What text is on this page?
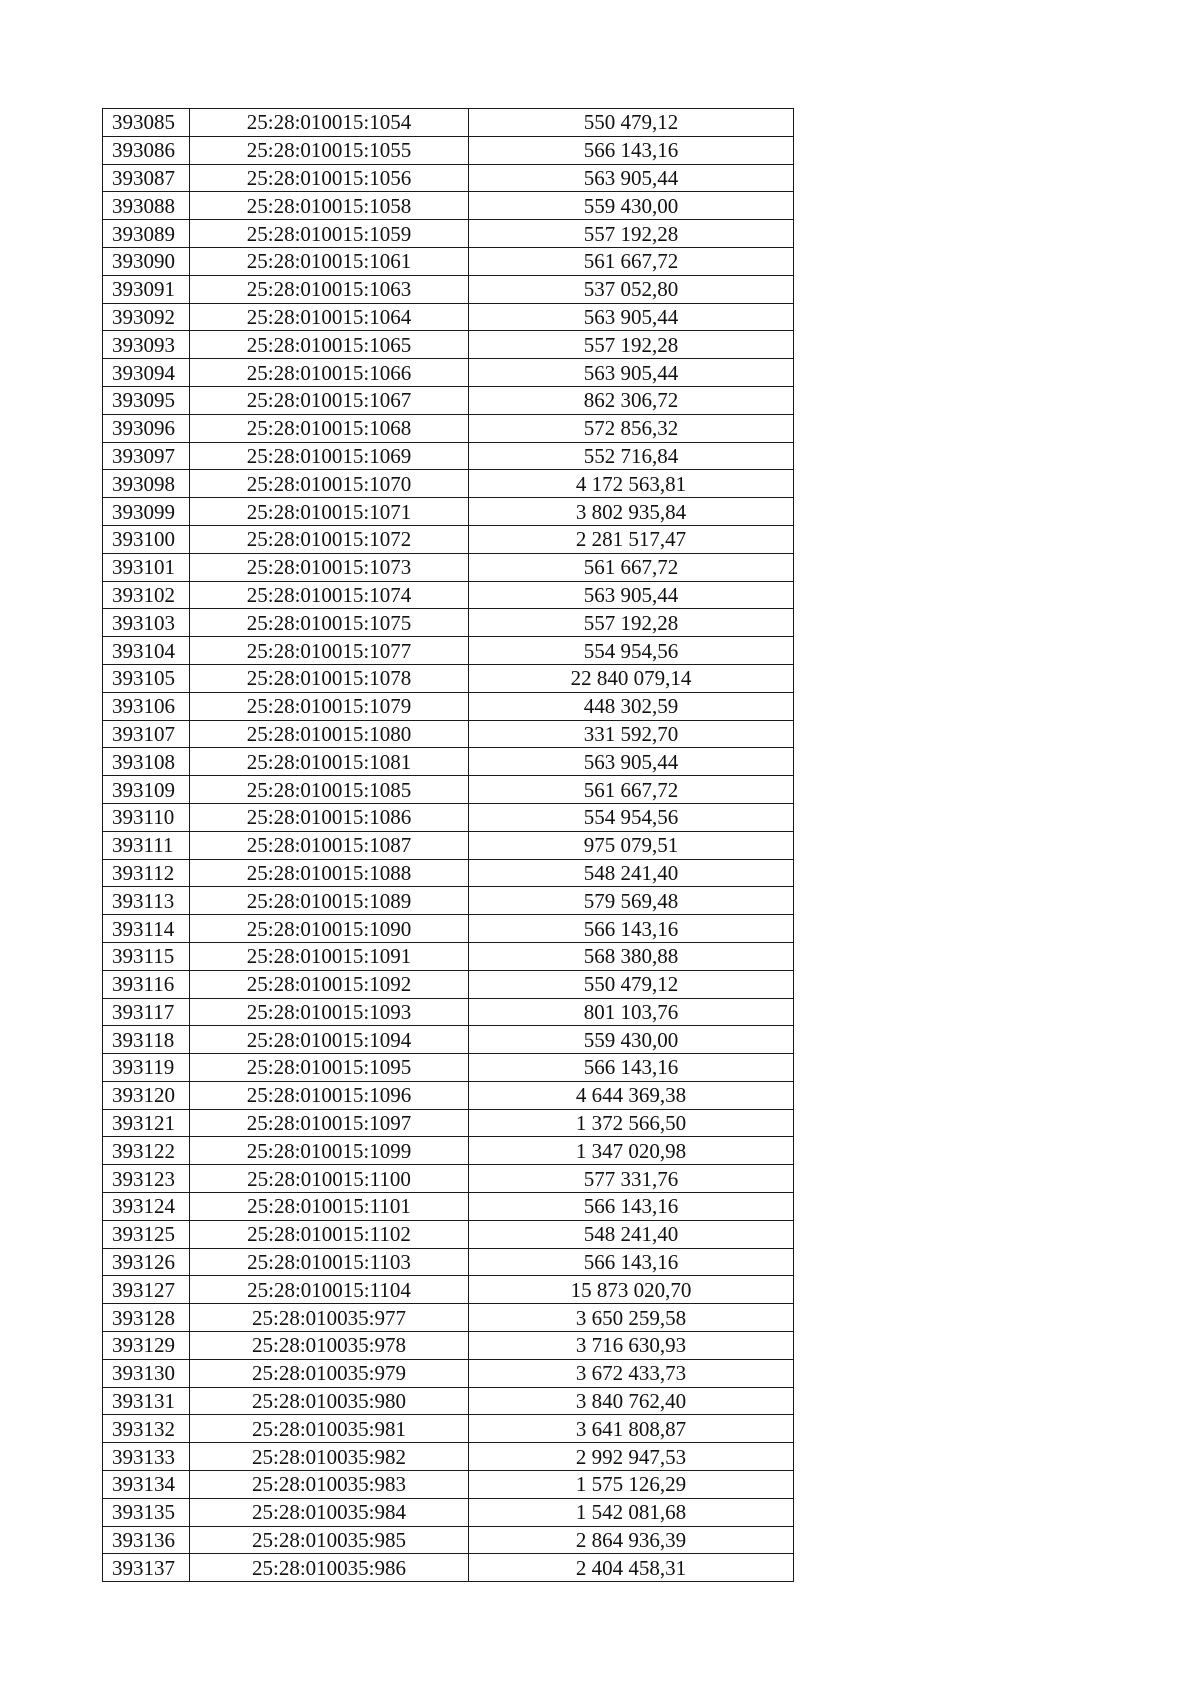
393085	25:28:010015:1054	550 479,12
393086	25:28:010015:1055	566 143,16
393087	25:28:010015:1056	563 905,44
393088	25:28:010015:1058	559 430,00
393089	25:28:010015:1059	557 192,28
393090	25:28:010015:1061	561 667,72
393091	25:28:010015:1063	537 052,80
393092	25:28:010015:1064	563 905,44
393093	25:28:010015:1065	557 192,28
393094	25:28:010015:1066	563 905,44
393095	25:28:010015:1067	862 306,72
393096	25:28:010015:1068	572 856,32
393097	25:28:010015:1069	552 716,84
393098	25:28:010015:1070	4 172 563,81
393099	25:28:010015:1071	3 802 935,84
393100	25:28:010015:1072	2 281 517,47
393101	25:28:010015:1073	561 667,72
393102	25:28:010015:1074	563 905,44
393103	25:28:010015:1075	557 192,28
393104	25:28:010015:1077	554 954,56
393105	25:28:010015:1078	22 840 079,14
393106	25:28:010015:1079	448 302,59
393107	25:28:010015:1080	331 592,70
393108	25:28:010015:1081	563 905,44
393109	25:28:010015:1085	561 667,72
393110	25:28:010015:1086	554 954,56
393111	25:28:010015:1087	975 079,51
393112	25:28:010015:1088	548 241,40
393113	25:28:010015:1089	579 569,48
393114	25:28:010015:1090	566 143,16
393115	25:28:010015:1091	568 380,88
393116	25:28:010015:1092	550 479,12
393117	25:28:010015:1093	801 103,76
393118	25:28:010015:1094	559 430,00
393119	25:28:010015:1095	566 143,16
393120	25:28:010015:1096	4 644 369,38
393121	25:28:010015:1097	1 372 566,50
393122	25:28:010015:1099	1 347 020,98
393123	25:28:010015:1100	577 331,76
393124	25:28:010015:1101	566 143,16
393125	25:28:010015:1102	548 241,40
393126	25:28:010015:1103	566 143,16
393127	25:28:010015:1104	15 873 020,70
393128	25:28:010035:977	3 650 259,58
393129	25:28:010035:978	3 716 630,93
393130	25:28:010035:979	3 672 433,73
393131	25:28:010035:980	3 840 762,40
393132	25:28:010035:981	3 641 808,87
393133	25:28:010035:982	2 992 947,53
393134	25:28:010035:983	1 575 126,29
393135	25:28:010035:984	1 542 081,68
393136	25:28:010035:985	2 864 936,39
393137	25:28:010035:986	2 404 458,31
